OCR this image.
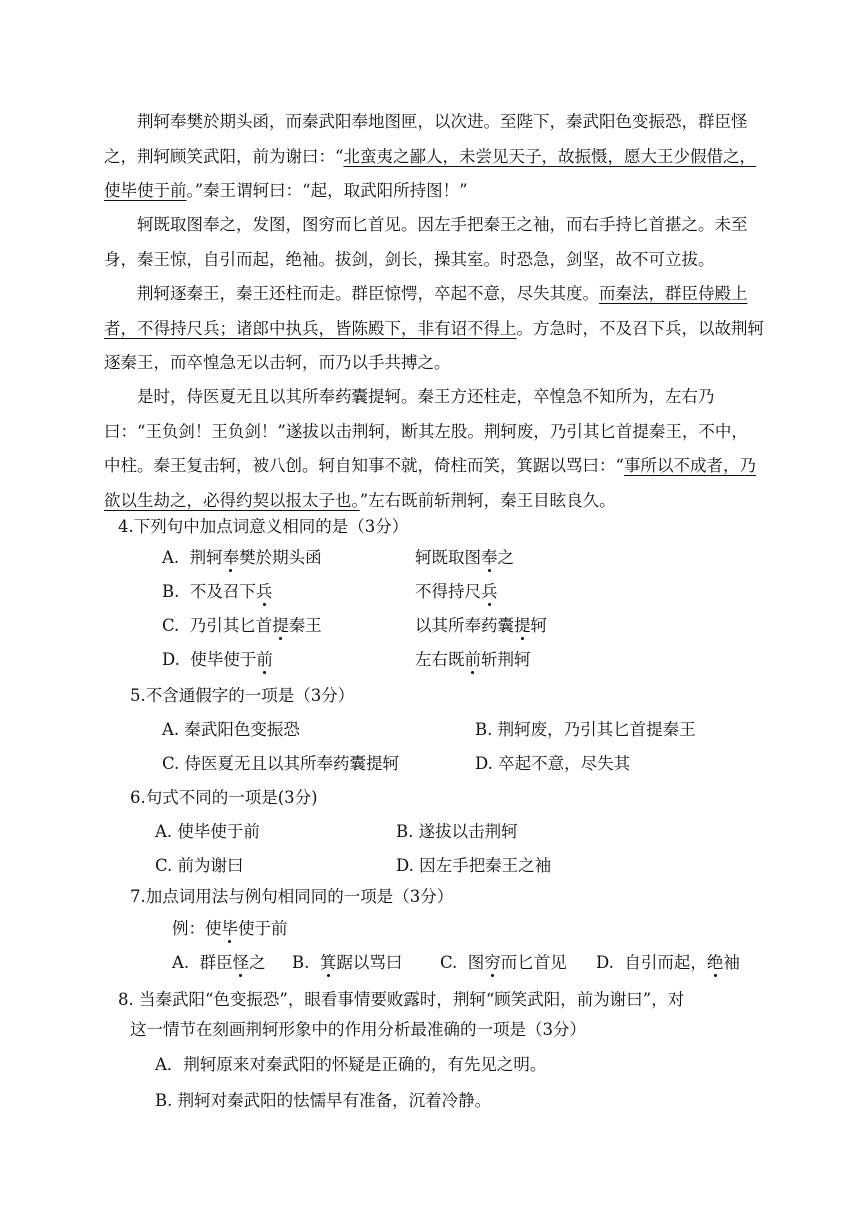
荆轲奉樊於期头函，而秦武阳奉地图匣，以次进。至陛下，秦武阳色变振恐，群臣怪之，荆轲顾笑武阳，前为谢曰：“北蛮夷之鄙人，未尝见天子，故振慑，愿大王少假借之，使毕使于前。”秦王谓轲曰：“起，取武阳所持图！”

轲既取图奉之，发图，图穷而匕首见。因左手把秦王之袖，而右手持匕首揕之。未至身，秦王惊，自引而起，绝袖。拔剑，剑长，操其室。时恐急，剑坚，故不可立拔。

荆轲逐秦王，秦王还柱而走。群臣惊愕，卒起不意，尽失其度。而秦法，群臣侍殿上者，不得持尺兵；诸郎中执兵，皆陈殿下，非有诏不得上。方急时，不及召下兵，以故荆轲逐秦王，而卒惶急无以击轲，而乃以手共搏之。

是时，侍医夏无且以其所奉药囊提轲。秦王方还柱走，卒惶急不知所为，左右乃曰：“王负剑！王负剑！”遂拔以击荆轲，断其左股。荆轲废，乃引其匕首提秦王，不中，中柱。秦王复击轲，被八创。轲自知事不就，倚柱而笑，箕踞以骂曰：“事所以不成者，乃欲以生劫之，必得约契以报太子也。”左右既前斩荆轲，秦王目眩良久。

4.下列句中加点词意义相同的是（3分）
A. 荆轲奉樊於期头函	轲既取图奉之
B. 不及召下兵	不得持尺兵
C. 乃引其匕首提秦王	以其所奉药囊提轲
D. 使毕使于前	左右既前斩荆轲
5.不含通假字的一项是（3分）
A. 秦武阳色变振恐	B. 荆轲废，乃引其匕首提秦王
C. 侍医夏无且以其所奉药囊提轲	D. 卒起不意，尽失其
6.句式不同的一项是(3分)
A. 使毕使于前	B. 遂拔以击荆轲
C. 前为谢曰	D. 因左手把秦王之袖
7.加点词用法与例句相同同的一项是（3分）
例：使毕使于前
A. 群臣怪之 B. 箕踞以骂曰 C. 图穷而匕首见 D. 自引而起，绝袖
8. 当秦武阳“色变振恐”，眼看事情要败露时，荆轲“顾笑武阳，前为谢曰”，对
这一情节在刻画荆轲形象中的作用分析最准确的一项是（3分）
A．荆轲原来对秦武阳的怀疑是正确的，有先见之明。
B. 荆轲对秦武阳的怯懦早有准备，沉着冷静。
